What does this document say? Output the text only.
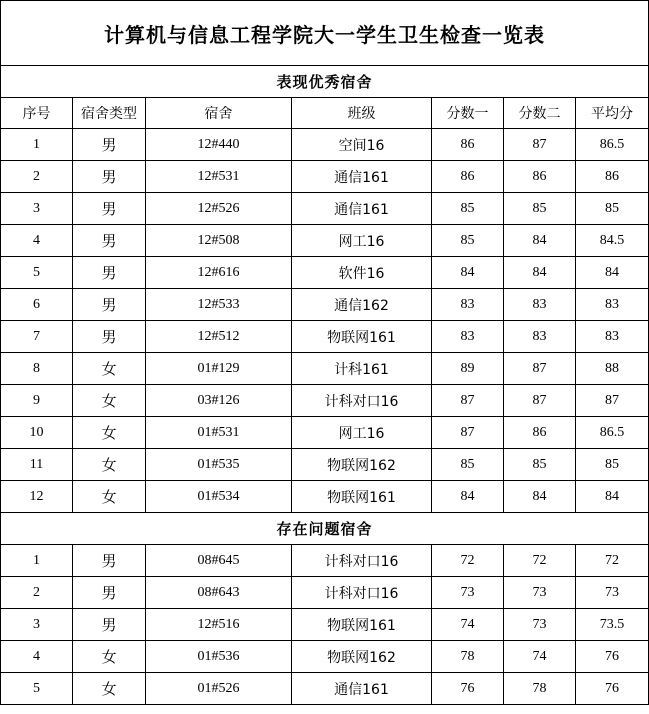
计算机与信息工程学院大一学生卫生检查一览表						
表现优秀宿舍						
序号	宿舍类型	宿舍	班级	分数一	分数二	平均分
1	男	12#440	空间16	86	87	86.5
2	男	12#531	通信161	86	86	86
3	男	12#526	通信161	85	85	85
4	男	12#508	网工16	85	84	84.5
5	男	12#616	软件16	84	84	84
6	男	12#533	通信162	83	83	83
7	男	12#512	物联网161	83	83	83
8	女	01#129	计科161	89	87	88
9	女	03#126	计科对口16	87	87	87
10	女	01#531	网工16	87	86	86.5
11	女	01#535	物联网162	85	85	85
12	女	01#534	物联网161	84	84	84
存在问题宿舍						
1	男	08#645	计科对口16	72	72	72
2	男	08#643	计科对口16	73	73	73
3	男	12#516	物联网161	74	73	73.5
4	女	01#536	物联网162	78	74	76
5	女	01#526	通信161	76	78	76
